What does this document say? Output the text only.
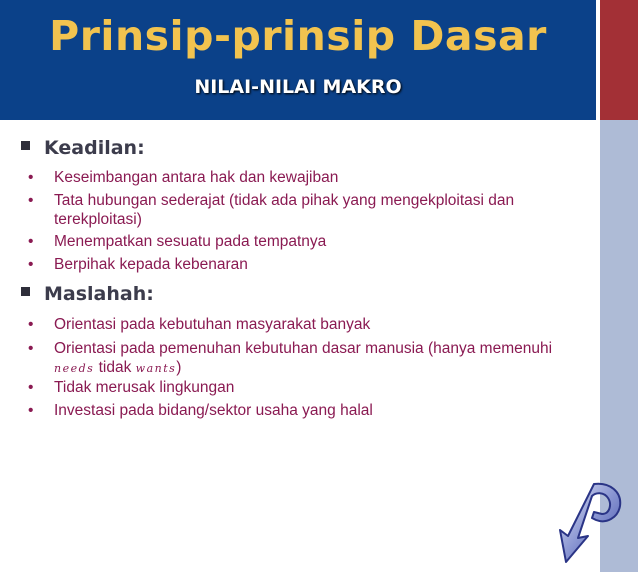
Prinsip-prinsip Dasar
NILAI-NILAI MAKRO
Keadilan:
• Keseimbangan antara hak dan kewajiban
• Tata hubungan sederajat (tidak ada pihak yang mengekploitasi dan terekploitasi)
• Menempatkan sesuatu pada tempatnya
• Berpihak kepada kebenaran
Maslahah:
• Orientasi pada kebutuhan masyarakat banyak
• Orientasi pada pemenuhan kebutuhan dasar manusia (hanya memenuhi
needs tidak wants)
• Tidak merusak lingkungan
• Investasi pada bidang/sektor usaha yang halal
